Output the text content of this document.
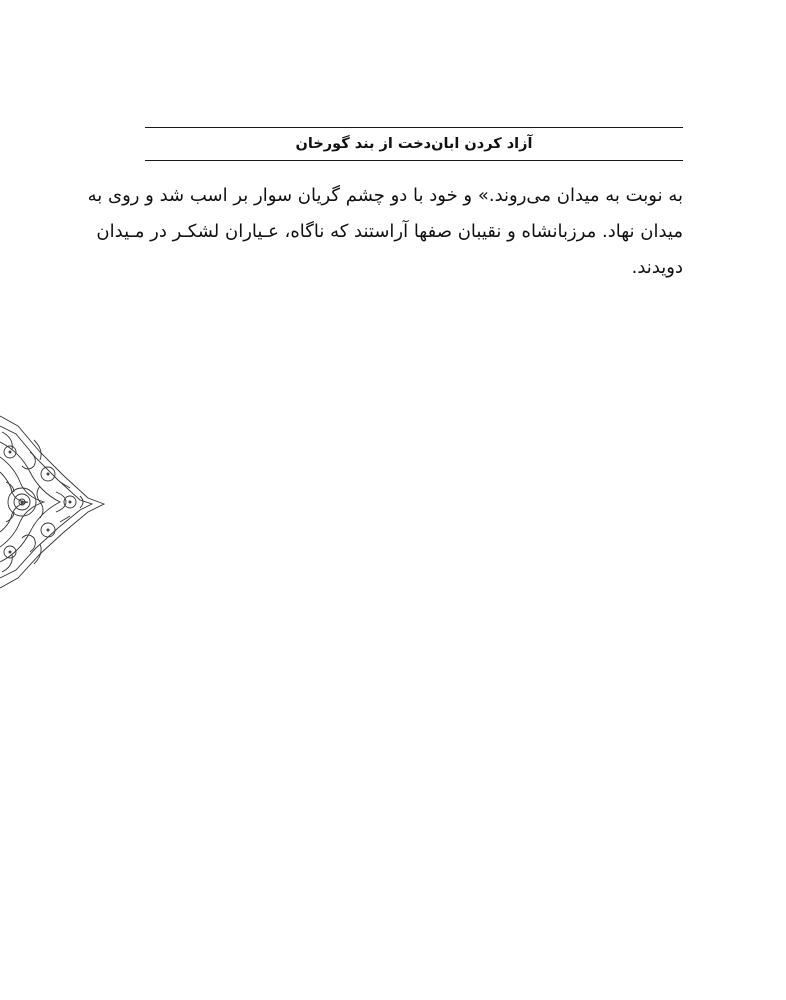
آزاد کردن ابان‌دخت از بند گورخان
به نوبت به میدان می‌روند.» و خود با دو چشم گریان سوار بر اسب شد و روی به
میدان نهاد. مرزبانشاه و نقیبان صفها آراستند که ناگاه، عـیاران لشکـر در مـیدان
دویدند.
